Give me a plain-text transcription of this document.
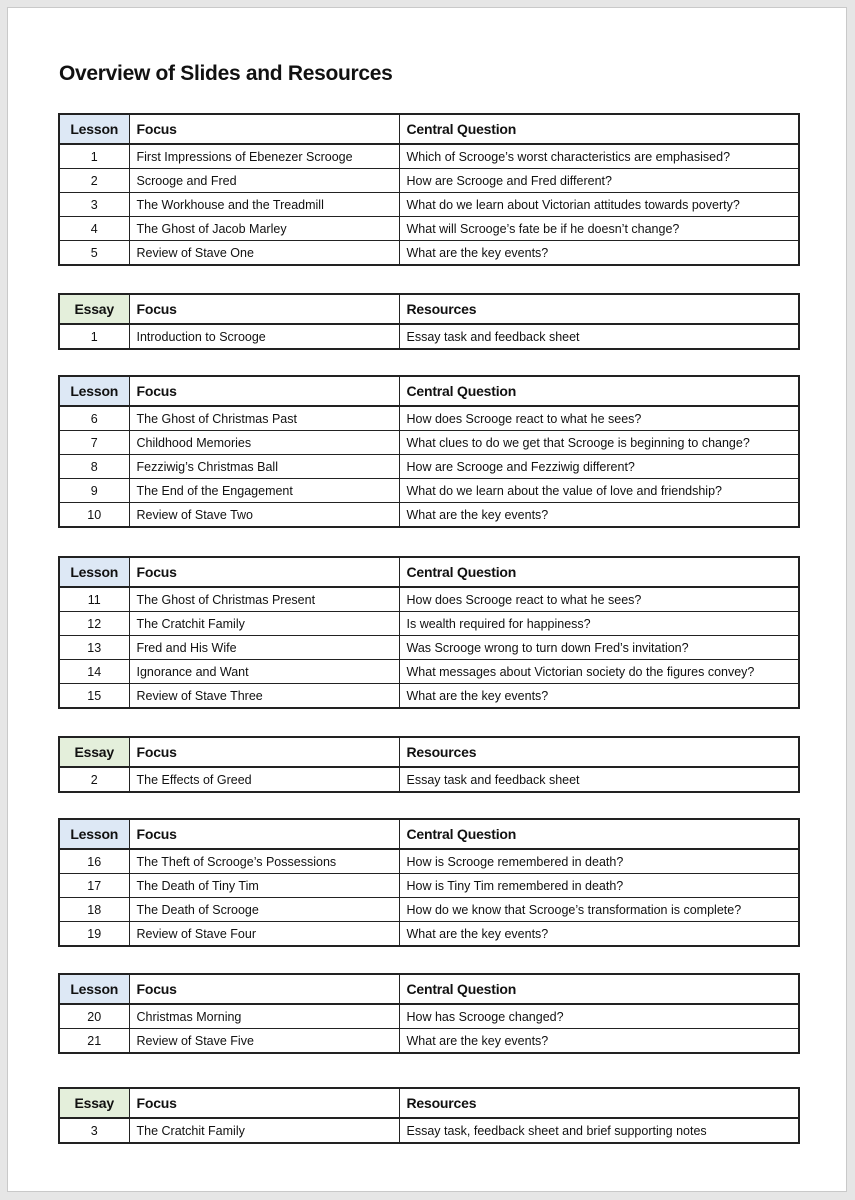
Overview of Slides and Resources
Lesson	Focus	Central Question
1	First Impressions of Ebenezer Scrooge	Which of Scrooge’s worst characteristics are emphasised?
2	Scrooge and Fred	How are Scrooge and Fred different?
3	The Workhouse and the Treadmill	What do we learn about Victorian attitudes towards poverty?
4	The Ghost of Jacob Marley	What will Scrooge’s fate be if he doesn’t change?
5	Review of Stave One	What are the key events?
Essay	Focus	Resources
1	Introduction to Scrooge	Essay task and feedback sheet
Lesson	Focus	Central Question
6	The Ghost of Christmas Past	How does Scrooge react to what he sees?
7	Childhood Memories	What clues to do we get that Scrooge is beginning to change?
8	Fezziwig’s Christmas Ball	How are Scrooge and Fezziwig different?
9	The End of the Engagement	What do we learn about the value of love and friendship?
10	Review of Stave Two	What are the key events?
Lesson	Focus	Central Question
11	The Ghost of Christmas Present	How does Scrooge react to what he sees?
12	The Cratchit Family	Is wealth required for happiness?
13	Fred and His Wife	Was Scrooge wrong to turn down Fred’s invitation?
14	Ignorance and Want	What messages about Victorian society do the figures convey?
15	Review of Stave Three	What are the key events?
Essay	Focus	Resources
2	The Effects of Greed	Essay task and feedback sheet
Lesson	Focus	Central Question
16	The Theft of Scrooge’s Possessions	How is Scrooge remembered in death?
17	The Death of Tiny Tim	How is Tiny Tim remembered in death?
18	The Death of Scrooge	How do we know that Scrooge’s transformation is complete?
19	Review of Stave Four	What are the key events?
Lesson	Focus	Central Question
20	Christmas Morning	How has Scrooge changed?
21	Review of Stave Five	What are the key events?
Essay	Focus	Resources
3	The Cratchit Family	Essay task, feedback sheet and brief supporting notes
